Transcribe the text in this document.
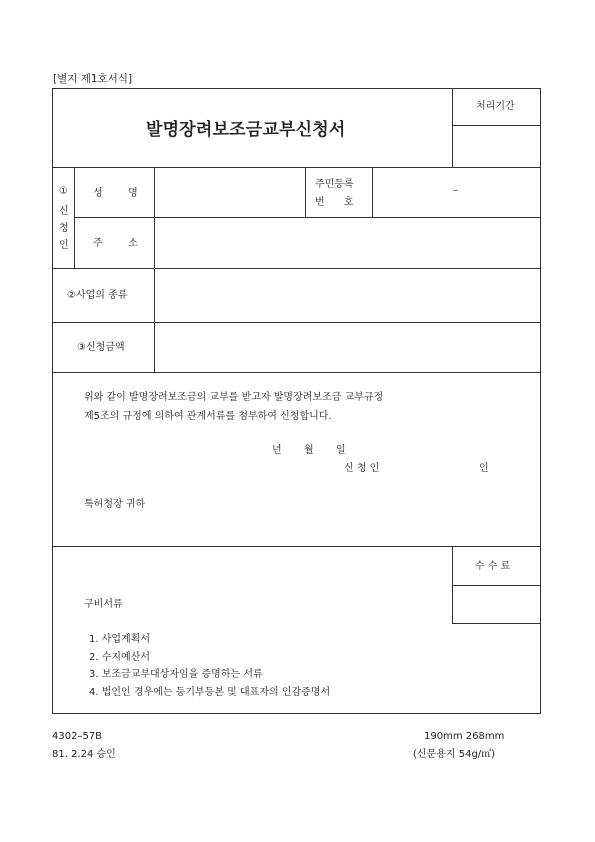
[별지 제1호서식]
발명장려보조금교부신청서
처리기간
①
신
청
인
성        명
주민등록
번      호
–
주        소
②사업의 종류
③신청금액
위와 같이 발명장려보조금의 교부를 받고자 발명장려보조금 교부규정
제5조의 규정에 의하여 관계서류를 첨부하여 신청합니다.
년 월 일
신 청 인	인
특허청장 귀하
수 수 료
구비서류
1. 사업계획서
2. 수지예산서
3. 보조금교부대상자임을 증명하는 서류
4. 법인인 경우에는 등기부등본 및 대표자의 인감증명서
4302–57B
81. 2.24 승인
190mm 268mm
(신문용지 54g/㎡)
